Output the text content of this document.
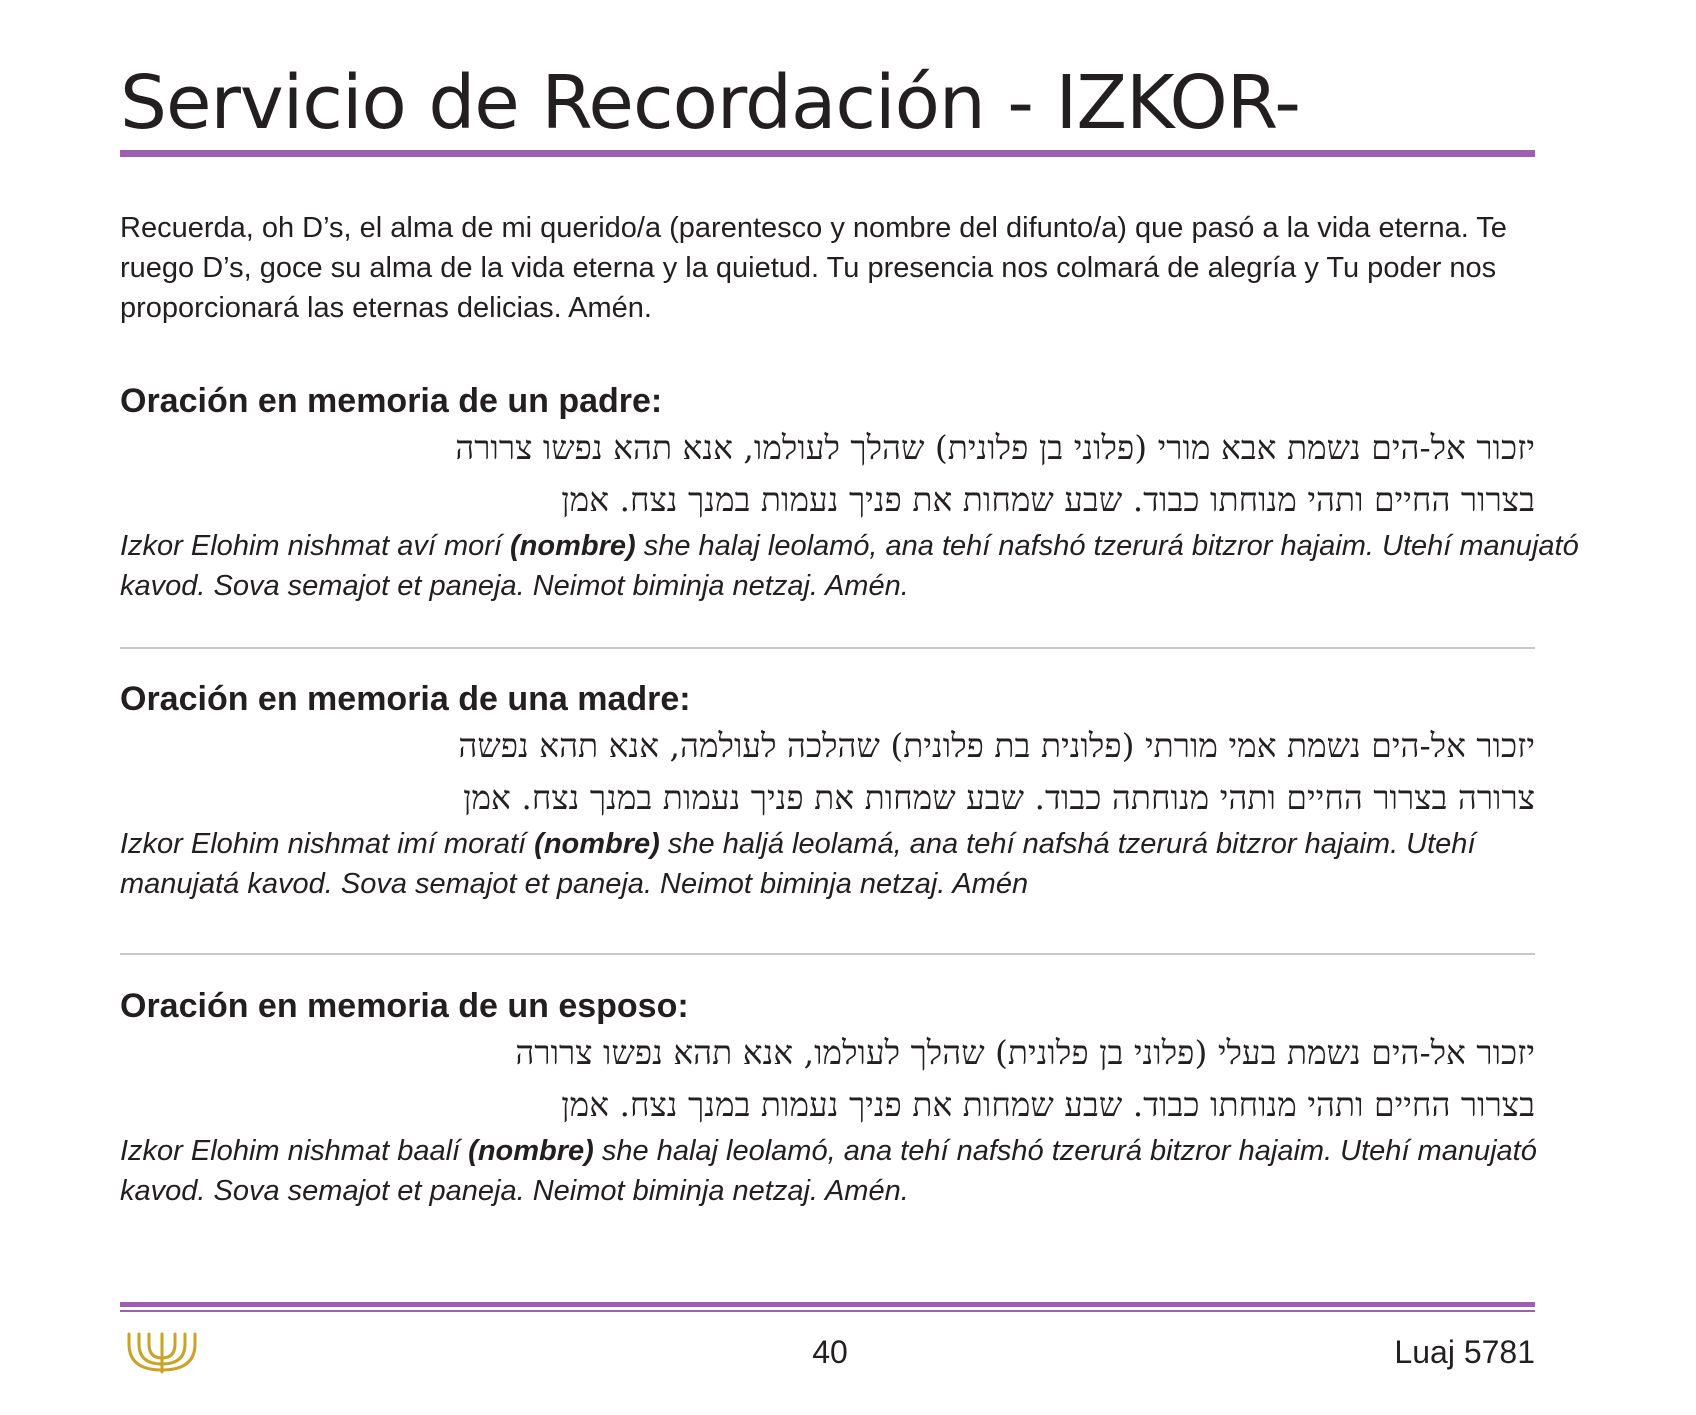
Servicio de Recordación - IZKOR-

Recuerda, oh D’s, el alma de mi querido/a (parentesco y nombre del difunto/a) que pasó a la vida eterna. Te ruego D’s, goce su alma de la vida eterna y la quietud. Tu presencia nos colmará de alegría y Tu poder nos proporcionará las eternas delicias. Amén.

Oración en memoria de un padre:

יזכור אל-הים נשמת אבא מורי (פלוני בן פלונית) שהלך לעולמו, אנא תהא נפשו צרורה

בצרור החיים ותהי מנוחתו כבוד. שבע שמחות את פניך נעמות במנך נצח. אמן

Izkor Elohim nishmat aví morí (nombre) she halaj leolamó, ana tehí nafshó tzerurá bitzror hajaim. Utehí manujató kavod. Sova semajot et paneja. Neimot biminja netzaj. Amén.

Oración en memoria de una madre:

יזכור אל-הים נשמת אמי מורתי (פלונית בת פלונית) שהלכה לעולמה, אנא תהא נפשה

צרורה בצרור החיים ותהי מנוחתה כבוד. שבע שמחות את פניך נעמות במנך נצח. אמן

Izkor Elohim nishmat imí moratí (nombre) she haljá leolamá, ana tehí nafshá tzerurá bitzror hajaim. Utehí manujatá kavod. Sova semajot et paneja. Neimot biminja netzaj. Amén

Oración en memoria de un esposo:

יזכור אל-הים נשמת בעלי (פלוני בן פלונית) שהלך לעולמו, אנא תהא נפשו צרורה

בצרור החיים ותהי מנוחתו כבוד. שבע שמחות את פניך נעמות במנך נצח. אמן

Izkor Elohim nishmat baalí (nombre) she halaj leolamó, ana tehí nafshó tzerurá bitzror hajaim. Utehí manujató kavod. Sova semajot et paneja. Neimot biminja netzaj. Amén.

40	Luaj 5781
